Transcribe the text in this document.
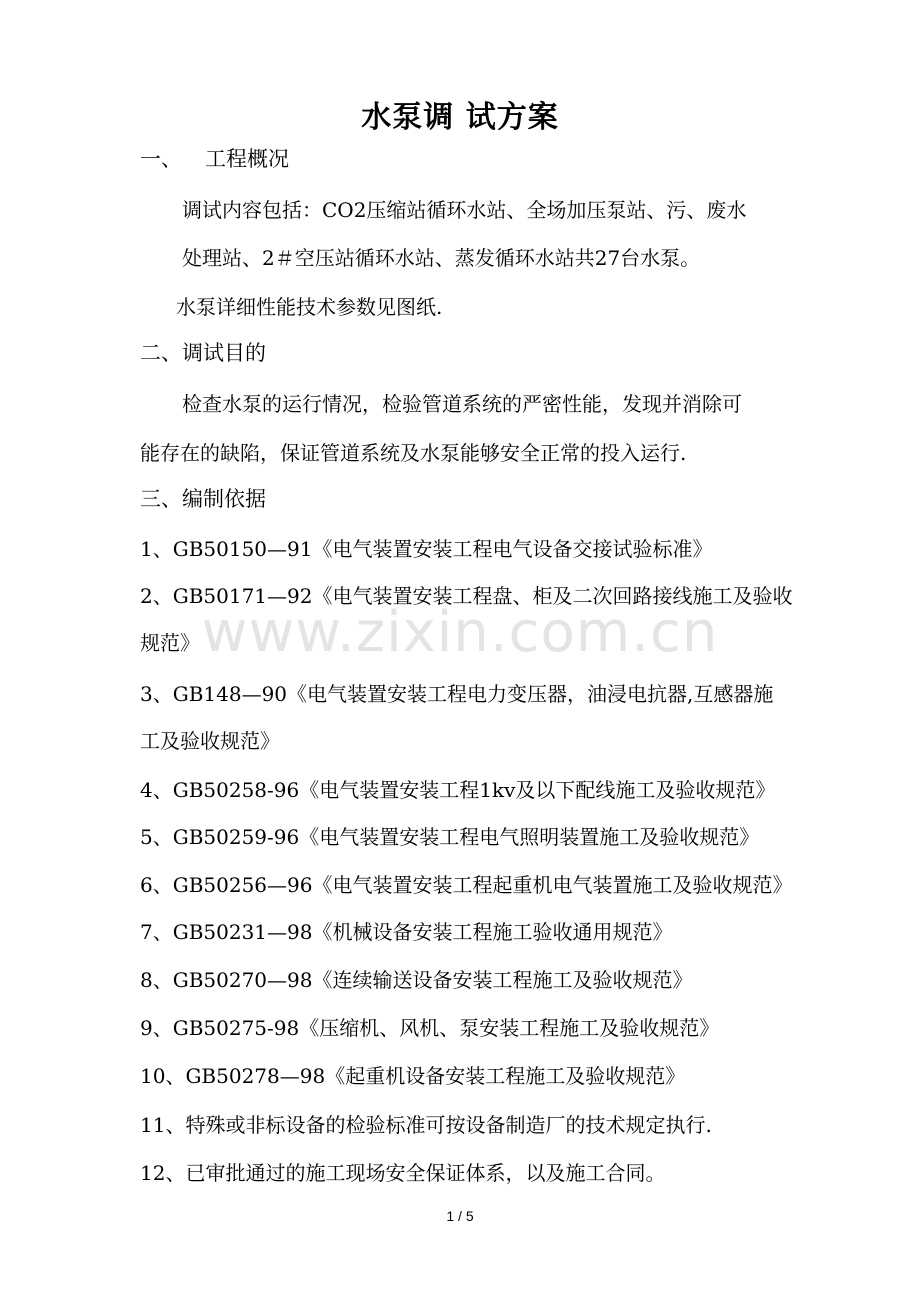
水泵调 试方案
一、 工程概况
调试内容包括：CO2压缩站循环水站、全场加压泵站、污、废水
处理站、2＃空压站循环水站、蒸发循环水站共27台水泵。
水泵详细性能技术参数见图纸.
二、调试目的
检查水泵的运行情况，检验管道系统的严密性能，发现并消除可
能存在的缺陷，保证管道系统及水泵能够安全正常的投入运行.
三、编制依据
1、GB50150—91《电气装置安装工程电气设备交接试验标准》
2、GB50171—92《电气装置安装工程盘、柜及二次回路接线施工及验收
规范》
3、GB148—90《电气装置安装工程电力变压器，油浸电抗器,互感器施
工及验收规范》
4、GB50258-96《电气装置安装工程1kv及以下配线施工及验收规范》
5、GB50259-96《电气装置安装工程电气照明装置施工及验收规范》
6、GB50256—96《电气装置安装工程起重机电气装置施工及验收规范》
7、GB50231—98《机械设备安装工程施工验收通用规范》
8、GB50270—98《连续输送设备安装工程施工及验收规范》
9、GB50275-98《压缩机、风机、泵安装工程施工及验收规范》
10、GB50278—98《起重机设备安装工程施工及验收规范》
11、特殊或非标设备的检验标准可按设备制造厂的技术规定执行.
12、已审批通过的施工现场安全保证体系，以及施工合同。
www.zixin.com.cn
1 / 5
